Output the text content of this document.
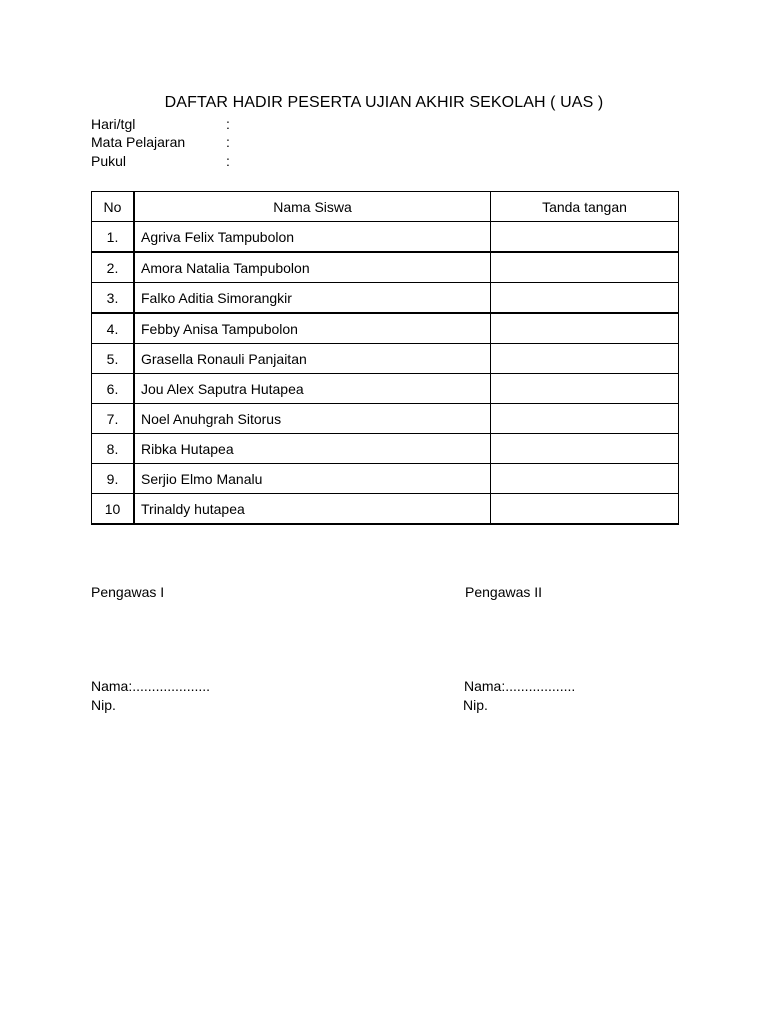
DAFTAR HADIR PESERTA UJIAN AKHIR SEKOLAH ( UAS )
Hari/tgl	:
Mata Pelajaran	:
Pukul	:
No	Nama Siswa	Tanda tangan
1.	Agriva Felix Tampubolon	
2.	Amora Natalia Tampubolon	
3.	Falko Aditia Simorangkir	
4.	Febby Anisa Tampubolon	
5.	Grasella Ronauli Panjaitan	
6.	Jou Alex Saputra Hutapea	
7.	Noel Anuhgrah Sitorus	
8.	Ribka Hutapea	
9.	Serjio Elmo Manalu	
10	Trinaldy hutapea	
Pengawas I
Nama:....................
Nip.
Pengawas II
Nama:..................
Nip.
